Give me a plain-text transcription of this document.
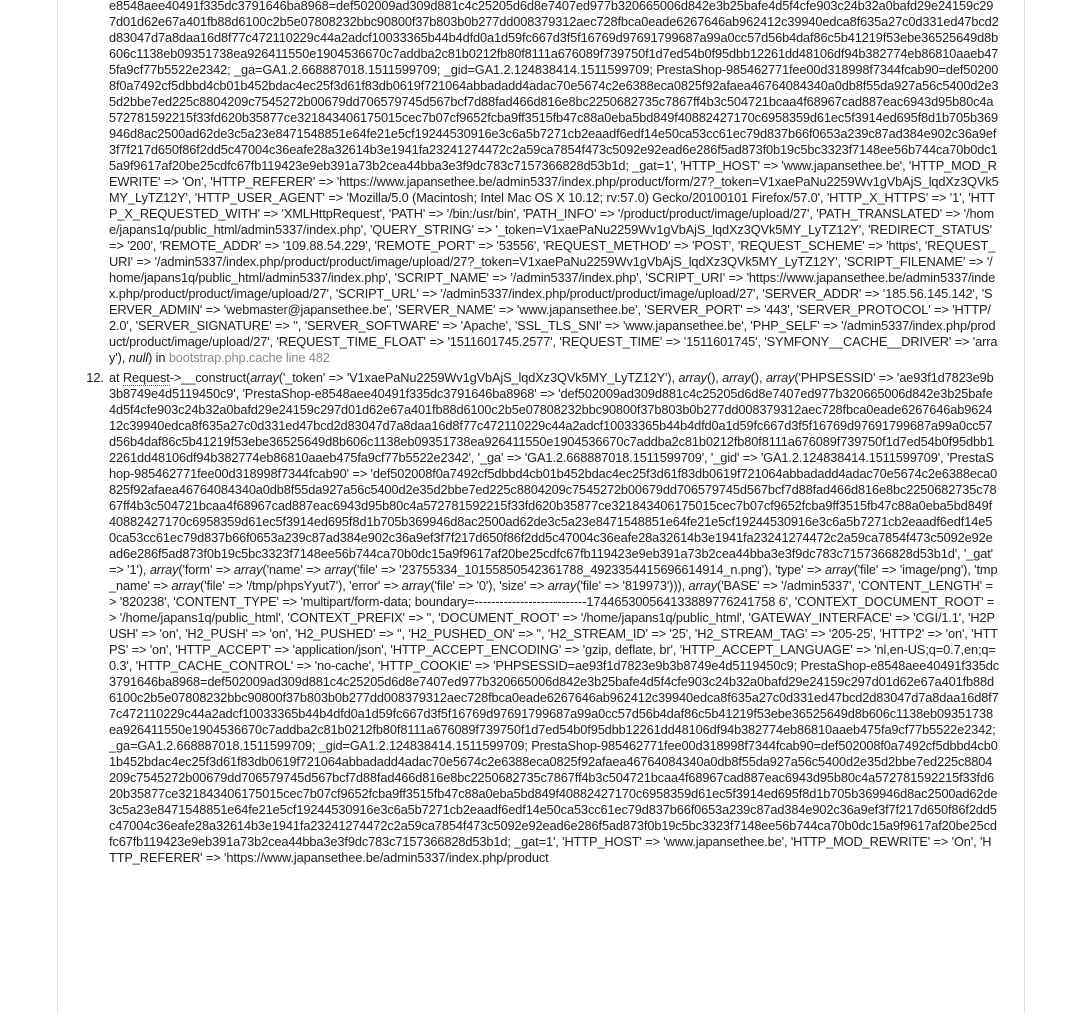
e8548aee40491f335dc3791646ba8968=def502009ad309d881c4c25205d6d8e7407ed977b320665006d842e3b25bafe4d5f4cfe903c24b32a0bafd29e24159c297d01d62e67a401fb88d6100c2b5e07808232bbc90800f37b803b0b277dd008379312aec728fbca0eade6267646ab962412c39940edca8f635a27c0d331ed47bcd2d83047d7a8daa16d8f77c472110229c44a2adcf10033365b44b4dfd0a1d59fc667d3f5f16769d97691799687a99a0cc57d56b4daf86c5b41219f53ebe36525649d8b606c1138eb09351738ea926411550e1904536670c7addba2c81b0212fb80f8111a676089f739750f1d7ed54b0f95dbb12261dd48106df94b382774eb86810aaeb475fa9cf77b5522e2342; _ga=GA1.2.668887018.1511599709; _gid=GA1.2.124838414.1511599709; PrestaShop-985462771fee00d318998f7344fcab90=def502008f0a7492cf5dbbd4cb01b452bdac4ec25f3d61f83db0619f721064abbadadd4adac70e5674c2e6388eca0825f92afaea46764084340a0db8f55da927a56c5400d2e35d2bbe7ed225c8804209c7545272b00679dd706579745d567bcf7d88fad466d816e8bc2250682735c7867ff4b3c504721bcaa4f68967cad887eac6943d95b80c4a572781592215f33fd620b35877ce321843406175015cec7b07cf9652fcba9ff3515fb47c88a0eba5bd849f40882427170c6958359d61ec5f3914ed695f8d1b705b369946d8ac2500ad62de3c5a23e8471548851e64fe21e5cf19244530916e3c6a5b7271cb2eaadf6edf14e50ca53cc61ec79d837b66f0653a239c87ad384e902c36a9ef3f7f217d650f86f2dd5c47004c36eafe28a32614b3e1941fa23241274472c2a59ca7854f473c5092e92ead6e286f5ad873f0b19c5bc3323f7148ee56b744ca70b0dc15a9f9617af20be25cdfc67fb119423e9eb391a73b2cea44bba3e3f9dc783c7157366828d53b1d; _gat=1', 'HTTP_HOST' => 'www.japansethee.be', 'HTTP_MOD_REWRITE' => 'On', 'HTTP_REFERER' => 'https://www.japansethee.be/admin5337/index.php/product/form/27?_token=V1xaePaNu2259Wv1gVbAjS_lqdXz3QVk5MY_LyTZ12Y', 'HTTP_USER_AGENT' => 'Mozilla/5.0 (Macintosh; Intel Mac OS X 10.12; rv:57.0) Gecko/20100101 Firefox/57.0', 'HTTP_X_HTTPS' => '1', 'HTTP_X_REQUESTED_WITH' => 'XMLHttpRequest', 'PATH' => '/bin:/usr/bin', 'PATH_INFO' => '/product/product/image/upload/27', 'PATH_TRANSLATED' => '/home/japans1q/public_html/admin5337/index.php', 'QUERY_STRING' => '_token=V1xaePaNu2259Wv1gVbAjS_lqdXz3QVk5MY_LyTZ12Y', 'REDIRECT_STATUS' => '200', 'REMOTE_ADDR' => '109.88.54.229', 'REMOTE_PORT' => '53556', 'REQUEST_METHOD' => 'POST', 'REQUEST_SCHEME' => 'https', 'REQUEST_URI' => '/admin5337/index.php/product/product/image/upload/27?_token=V1xaePaNu2259Wv1gVbAjS_lqdXz3QVk5MY_LyTZ12Y', 'SCRIPT_FILENAME' => '/home/japans1q/public_html/admin5337/index.php', 'SCRIPT_NAME' => '/admin5337/index.php', 'SCRIPT_URI' => 'https://www.japansethee.be/admin5337/index.php/product/product/image/upload/27', 'SCRIPT_URL' => '/admin5337/index.php/product/product/image/upload/27', 'SERVER_ADDR' => '185.56.145.142', 'SERVER_ADMIN' => 'webmaster@japansethee.be', 'SERVER_NAME' => 'www.japansethee.be', 'SERVER_PORT' => '443', 'SERVER_PROTOCOL' => 'HTTP/2.0', 'SERVER_SIGNATURE' => '', 'SERVER_SOFTWARE' => 'Apache', 'SSL_TLS_SNI' => 'www.japansethee.be', 'PHP_SELF' => '/admin5337/index.php/product/product/image/upload/27', 'REQUEST_TIME_FLOAT' => '1511601745.2577', 'REQUEST_TIME' => '1511601745', 'SYMFONY__CACHE__DRIVER' => 'array'), null) in bootstrap.php.cache line 482
12. at Request->__construct(array('_token' => 'V1xaePaNu2259Wv1gVbAjS_lqdXz3QVk5MY_LyTZ12Y'), array(), array(), array('PHPSESSID' => 'ae93f1d7823e9b3b8749e4d5119450c9', 'PrestaShop-e8548aee40491f335dc3791646ba8968' => 'def502009ad309d881c4c25205d6d8e7407ed977b320665006d842e3b25bafe4d5f4cfe903c24b32a0bafd29e24159c297d01d62e67a401fb88d6100c2b5e07808232bbc90800f37b803b0b277dd008379312aec728fbca0eade6267646ab962412c39940edca8f635a27c0d331ed47bcd2d83047d7a8daa16d8f77c472110229c44a2adcf10033365b44b4dfd0a1d59fc667d3f5f16769d97691799687a99a0cc57d56b4daf86c5b41219f53ebe36525649d8b606c1138eb09351738ea926411550e1904536670c7addba2c81b0212fb80f8111a676089f739750f1d7ed54b0f95dbb12261dd48106df94b382774eb86810aaeb475fa9cf77b5522e2342', '_ga' => 'GA1.2.668887018.1511599709', '_gid' => 'GA1.2.124838414.1511599709', 'PrestaShop-985462771fee00d318998f7344fcab90' => 'def502008f0a7492cf5dbbd4cb01b452bdac4ec25f3d61f83db0619f721064abbadadd4adac70e5674c2e6388eca0825f92afaea46764084340a0db8f55da927a56c5400d2e35d2bbe7ed225c8804209c7545272b00679dd706579745d567bcf7d88fad466d816e8bc2250682735c7867ff4b3c504721bcaa4f68967cad887eac6943d95b80c4a572781592215f33fd620b35877ce321843406175015cec7b07cf9652fcba9ff3515fb47c88a0eba5bd849f40882427170c6958359d61ec5f3914ed695f8d1b705b369946d8ac2500ad62de3c5a23e8471548851e64fe21e5cf19244530916e3c6a5b7271cb2eaadf6edf14e50ca53cc61ec79d837b66f0653a239c87ad384e902c36a9ef3f7f217d650f86f2dd5c47004c36eafe28a32614b3e1941fa23241274472c2a59ca7854f473c5092e92ead6e286f5ad873f0b19c5bc3323f7148ee56b744ca70b0dc15a9f9617af20be25cdfc67fb119423e9eb391a73b2cea44bba3e3f9dc783c7157366828d53b1d', '_gat' => '1'), array('form' => array('name' => array('file' => '23755334_10155850542361788_4923354415696614914_n.png'), 'type' => array('file' => 'image/png'), 'tmp_name' => array('file' => '/tmp/phpsYyut7'), 'error' => array('file' => '0'), 'size' => array('file' => '819973'))), array('BASE' => '/admin5337', 'CONTENT_LENGTH' => '820238', 'CONTENT_TYPE' => 'multipart/form-data; boundary=---------------------------174465300564133889776241758 6', 'CONTEXT_DOCUMENT_ROOT' => '/home/japans1q/public_html', 'CONTEXT_PREFIX' => '', 'DOCUMENT_ROOT' => '/home/japans1q/public_html', 'GATEWAY_INTERFACE' => 'CGI/1.1', 'H2PUSH' => 'on', 'H2_PUSH' => 'on', 'H2_PUSHED' => '', 'H2_PUSHED_ON' => '', 'H2_STREAM_ID' => '25', 'H2_STREAM_TAG' => '205-25', 'HTTP2' => 'on', 'HTTPS' => 'on', 'HTTP_ACCEPT' => 'application/json', 'HTTP_ACCEPT_ENCODING' => 'gzip, deflate, br', 'HTTP_ACCEPT_LANGUAGE' => 'nl,en-US;q=0.7,en;q=0.3', 'HTTP_CACHE_CONTROL' => 'no-cache', 'HTTP_COOKIE' => 'PHPSESSID=ae93f1d7823e9b3b8749e4d5119450c9; PrestaShop-e8548aee40491f335dc3791646ba8968=def502009ad309d881c4c25205d6d8e7407ed977b320665006d842e3b25bafe4d5f4cfe903c24b32a0bafd29e24159c297d01d62e67a401fb88d6100c2b5e07808232bbc90800f37b803b0b277dd008379312aec728fbca0eade6267646ab962412c39940edca8f635a27c0d331ed47bcd2d83047d7a8daa16d8f77c472110229c44a2adcf10033365b44b4dfd0a1d59fc667d3f5f16769d97691799687a99a0cc57d56b4daf86c5b41219f53ebe36525649d8b606c1138eb09351738ea926411550e1904536670c7addba2c81b0212fb80f8111a676089f739750f1d7ed54b0f95dbb12261dd48106df94b382774eb86810aaeb475fa9cf77b5522e2342; _ga=GA1.2.668887018.1511599709; _gid=GA1.2.124838414.1511599709; PrestaShop-985462771fee00d318998f7344fcab90=def502008f0a7492cf5dbbd4cb01b452bdac4ec25f3d61f83db0619f721064abbadadd4adac70e5674c2e6388eca0825f92afaea46764084340a0db8f55da927a56c5400d2e35d2bbe7ed225c8804209c7545272b00679dd706579745d567bcf7d88fad466d816e8bc2250682735c7867ff4b3c504721bcaa4f68967cad887eac6943d95b80c4a572781592215f33fd620b35877ce321843406175015cec7b07cf9652fcba9ff3515fb47c88a0eba5bd849f40882427170c6958359d61ec5f3914ed695f8d1b705b369946d8ac2500ad62de3c5a23e8471548851e64fe21e5cf19244530916e3c6a5b7271cb2eaadf6edf14e50ca53cc61ec79d837b66f0653a239c87ad384e902c36a9ef3f7f217d650f86f2dd5c47004c36eafe28a32614b3e1941fa23241274472c2a59ca7854f473c5092e92ead6e286f5ad873f0b19c5bc3323f7148ee56b744ca70b0dc15a9f9617af20be25cdfc67fb119423e9eb391a73b2cea44bba3e3f9dc783c7157366828d53b1d; _gat=1', 'HTTP_HOST' => 'www.japansethee.be', 'HTTP_MOD_REWRITE' => 'On', 'HTTP_REFERER' => 'https://www.japansethee.be/admin5337/index.php/product
